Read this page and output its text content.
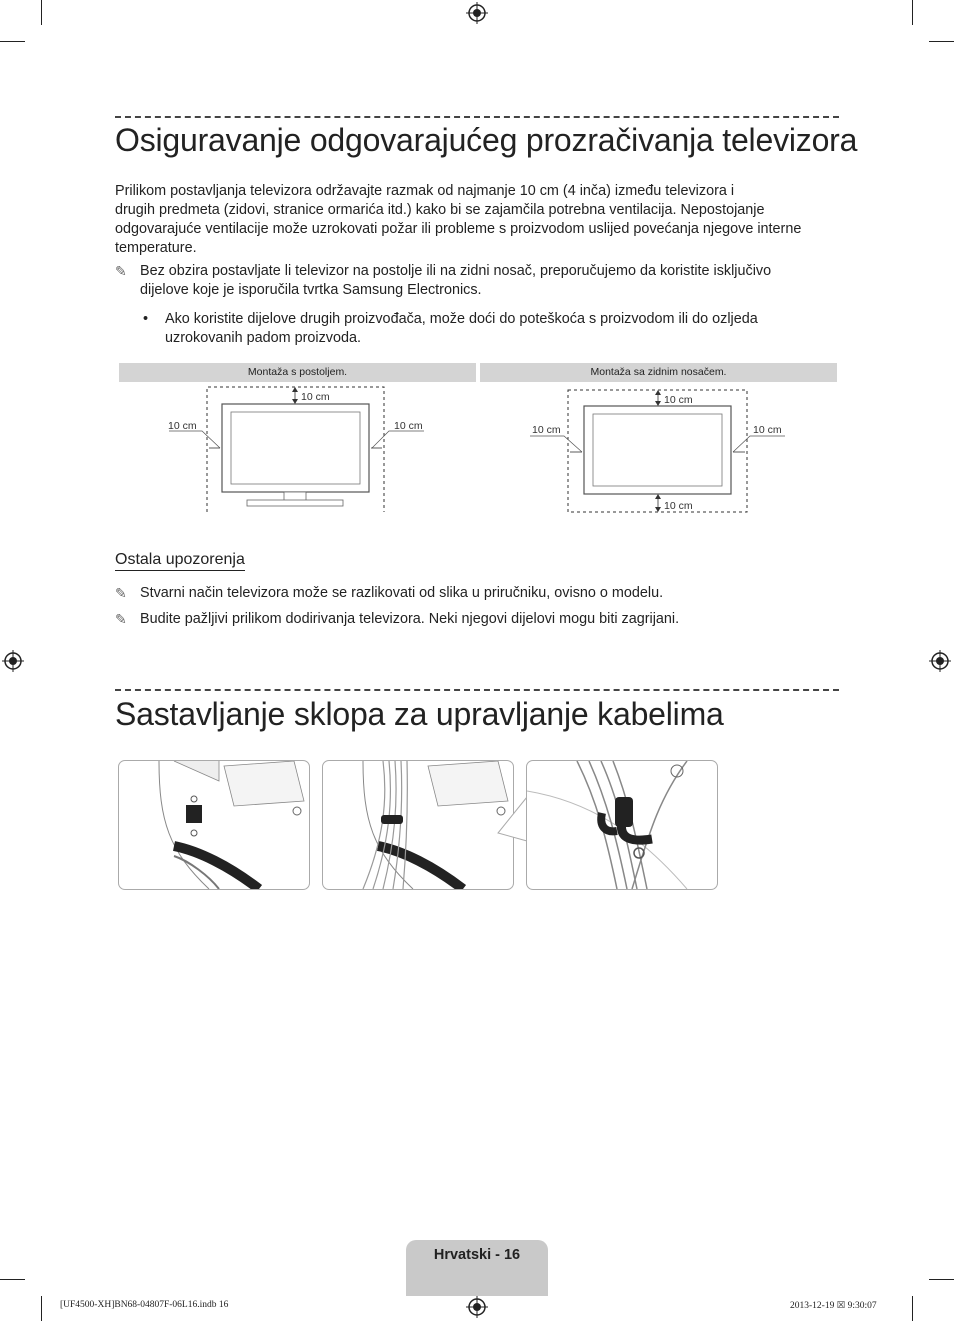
Osiguravanje odgovarajućeg prozračivanja televizora
Prilikom postavljanja televizora održavajte razmak od najmanje 10 cm (4 inča) između televizora i
drugih predmeta (zidovi, stranice ormarića itd.) kako bi se zajamčila potrebna ventilacija. Nepostojanje
odgovarajuće ventilacije može uzrokovati požar ili probleme s proizvodom uslijed povećanja njegove interne
temperature.
✎ Bez obzira postavljate li televizor na postolje ili na zidni nosač, preporučujemo da koristite isključivo
dijelove koje je isporučila tvrtka Samsung Electronics.
• Ako koristite dijelove drugih proizvođača, može doći do poteškoća s proizvodom ili do ozljeda
uzrokovanih padom proizvoda.
Montaža s postoljem.	Montaža sa zidnim nosačem.
10 cm
10 cm	10 cm
10 cm
10 cm
10 cm	10 cm
Ostala upozorenja
✎ Stvarni način televizora može se razlikovati od slika u priručniku, ovisno o modelu.
✎ Budite pažljivi prilikom dodirivanja televizora. Neki njegovi dijelovi mogu biti zagrijani.
Sastavljanje sklopa za upravljanje kabelima
Hrvatski - 16
[UF4500-XH]BN68-04807F-06L16.indb 16	2013-12-19 ☒ 9:30:07
